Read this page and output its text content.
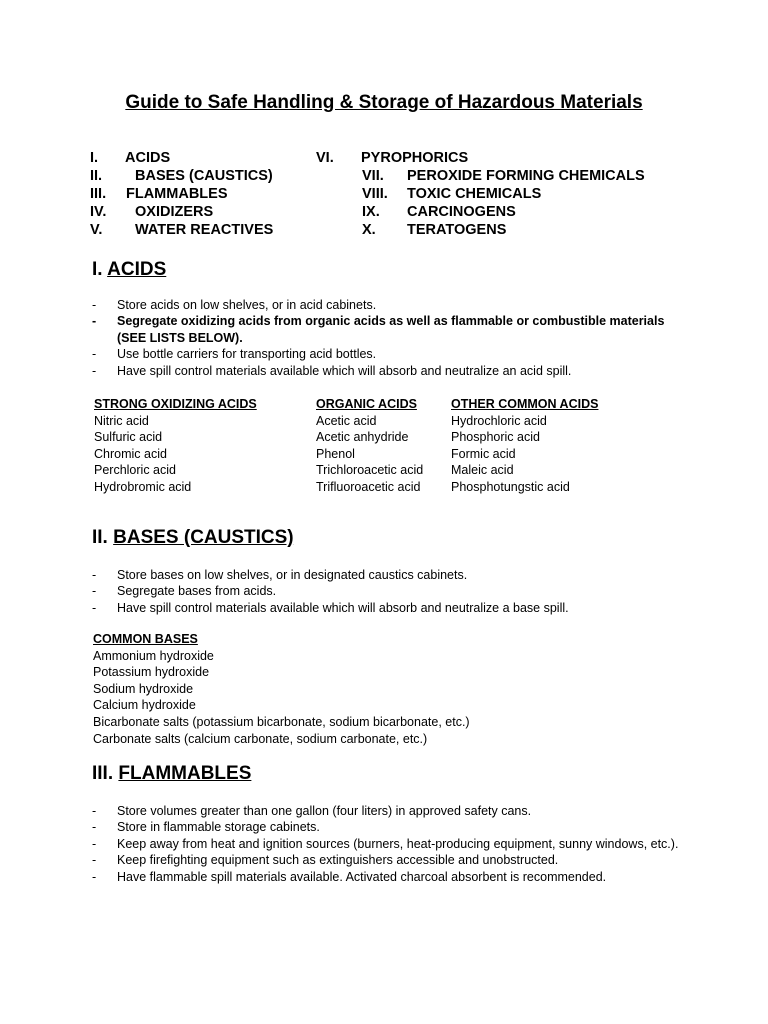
Guide to Safe Handling & Storage of Hazardous Materials
I. ACIDS
II. BASES (CAUSTICS)
III. FLAMMABLES
IV. OXIDIZERS
V. WATER REACTIVES
VI. PYROPHORICS
VII. PEROXIDE FORMING CHEMICALS
VIII. TOXIC CHEMICALS
IX. CARCINOGENS
X. TERATOGENS
I. ACIDS
- Store acids on low shelves, or in acid cabinets.
- Segregate oxidizing acids from organic acids as well as flammable or combustible materials (SEE LISTS BELOW).
- Use bottle carriers for transporting acid bottles.
- Have spill control materials available which will absorb and neutralize an acid spill.
STRONG OXIDIZING ACIDS
Nitric acid
Sulfuric acid
Chromic acid
Perchloric acid
Hydrobromic acid
ORGANIC ACIDS
Acetic acid
Acetic anhydride
Phenol
Trichloroacetic acid
Trifluoroacetic acid
OTHER COMMON ACIDS
Hydrochloric acid
Phosphoric acid
Formic acid
Maleic acid
Phosphotungstic acid
II. BASES (CAUSTICS)
- Store bases on low shelves, or in designated caustics cabinets.
- Segregate bases from acids.
- Have spill control materials available which will absorb and neutralize a base spill.
COMMON BASES
Ammonium hydroxide
Potassium hydroxide
Sodium hydroxide
Calcium hydroxide
Bicarbonate salts (potassium bicarbonate, sodium bicarbonate, etc.)
Carbonate salts (calcium carbonate, sodium carbonate, etc.)
III. FLAMMABLES
- Store volumes greater than one gallon (four liters) in approved safety cans.
- Store in flammable storage cabinets.
- Keep away from heat and ignition sources (burners, heat-producing equipment, sunny windows, etc.).
- Keep firefighting equipment such as extinguishers accessible and unobstructed.
- Have flammable spill materials available. Activated charcoal absorbent is recommended.
